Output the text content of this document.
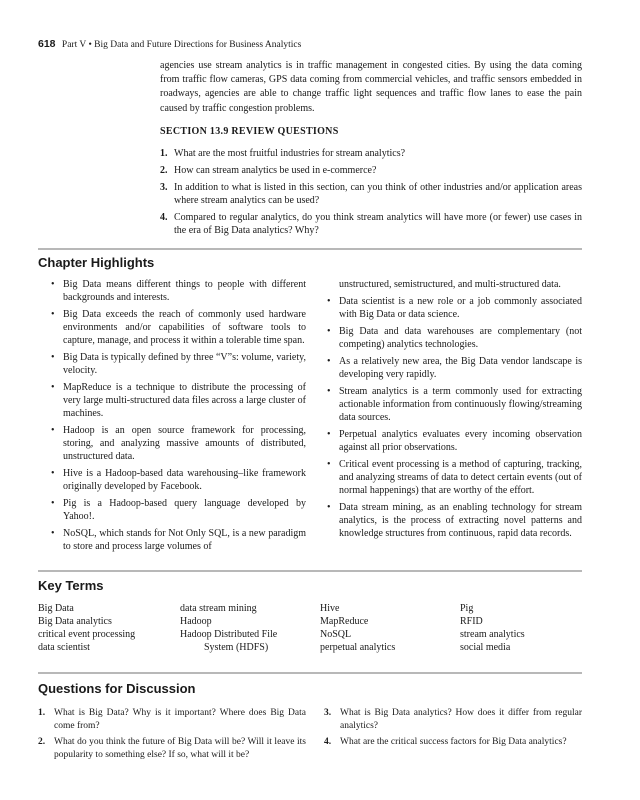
618 Part V • Big Data and Future Directions for Business Analytics
agencies use stream analytics is in traffic management in congested cities. By using the data coming from traffic flow cameras, GPS data coming from commercial vehicles, and traffic sensors embedded in roadways, agencies are able to change traffic light sequences and traffic flow lanes to ease the pain caused by traffic congestion problems.
SECTION 13.9 REVIEW QUESTIONS
1. What are the most fruitful industries for stream analytics?
2. How can stream analytics be used in e-commerce?
3. In addition to what is listed in this section, can you think of other industries and/or application areas where stream analytics can be used?
4. Compared to regular analytics, do you think stream analytics will have more (or fewer) use cases in the era of Big Data analytics? Why?
Chapter Highlights
• Big Data means different things to people with different backgrounds and interests.
• Big Data exceeds the reach of commonly used hardware environments and/or capabilities of software tools to capture, manage, and process it within a tolerable time span.
• Big Data is typically defined by three “V”s: volume, variety, velocity.
• MapReduce is a technique to distribute the processing of very large multi-structured data files across a large cluster of machines.
• Hadoop is an open source framework for processing, storing, and analyzing massive amounts of distributed, unstructured data.
• Hive is a Hadoop-based data warehousing–like framework originally developed by Facebook.
• Pig is a Hadoop-based query language developed by Yahoo!.
• NoSQL, which stands for Not Only SQL, is a new paradigm to store and process large volumes of
unstructured, semistructured, and multi-structured data.
• Data scientist is a new role or a job commonly associated with Big Data or data science.
• Big Data and data warehouses are complementary (not competing) analytics technologies.
• As a relatively new area, the Big Data vendor landscape is developing very rapidly.
• Stream analytics is a term commonly used for extracting actionable information from continuously flowing/streaming data sources.
• Perpetual analytics evaluates every incoming observation against all prior observations.
• Critical event processing is a method of capturing, tracking, and analyzing streams of data to detect certain events (out of normal happenings) that are worthy of the effort.
• Data stream mining, as an enabling technology for stream analytics, is the process of extracting novel patterns and knowledge structures from continuous, rapid data records.
Key Terms
Big Data
Big Data analytics
critical event processing
data scientist
data stream mining
Hadoop
Hadoop Distributed File
System (HDFS)
Hive
MapReduce
NoSQL
perpetual analytics
Pig
RFID
stream analytics
social media
Questions for Discussion
1. What is Big Data? Why is it important? Where does Big Data come from?
2. What do you think the future of Big Data will be? Will it leave its popularity to something else? If so, what will it be?
3. What is Big Data analytics? How does it differ from regular analytics?
4. What are the critical success factors for Big Data analytics?
